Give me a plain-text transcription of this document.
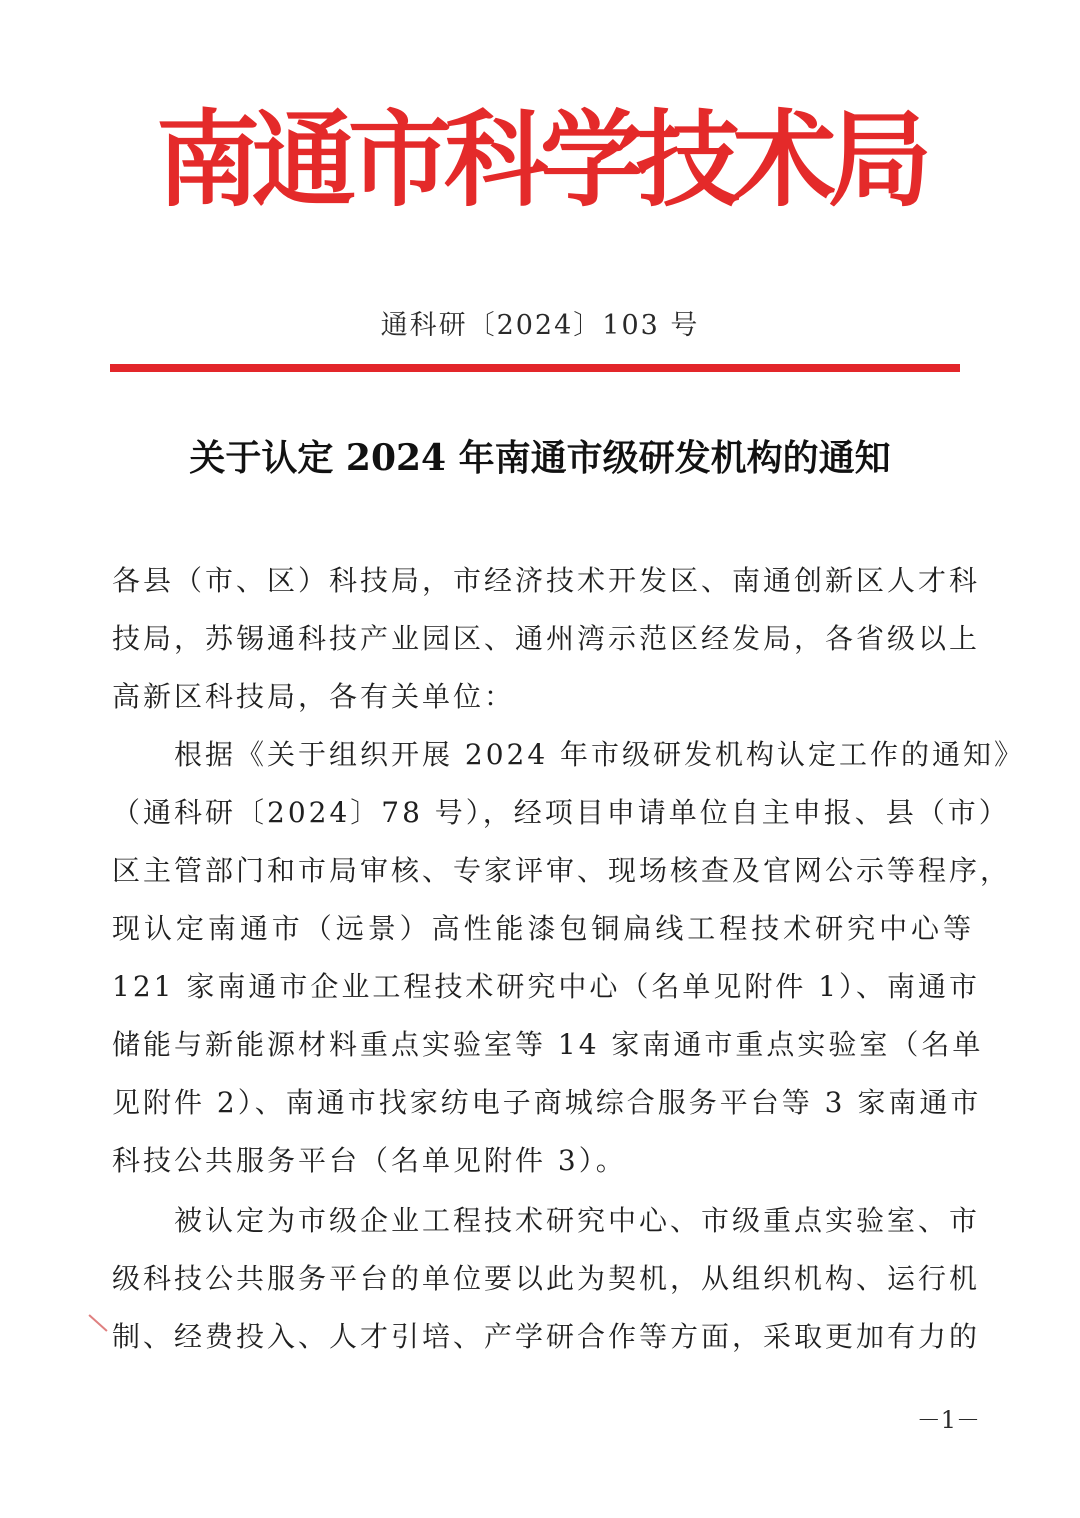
南通市科学技术局
通科研〔2024〕103 号
关于认定 2024 年南通市级研发机构的通知
各县（市、区）科技局，市经济技术开发区、南通创新区人才科
技局，苏锡通科技产业园区、通州湾示范区经发局，各省级以上
高新区科技局，各有关单位：
根据《关于组织开展 2024 年市级研发机构认定工作的通知》
（通科研〔2024〕78 号），经项目申请单位自主申报、县（市）
区主管部门和市局审核、专家评审、现场核查及官网公示等程序，
现认定南通市（远景）高性能漆包铜扁线工程技术研究中心等
121 家南通市企业工程技术研究中心（名单见附件 1）、南通市
储能与新能源材料重点实验室等 14 家南通市重点实验室（名单
见附件 2）、南通市找家纺电子商城综合服务平台等 3 家南通市
科技公共服务平台（名单见附件 3）。
被认定为市级企业工程技术研究中心、市级重点实验室、市
级科技公共服务平台的单位要以此为契机，从组织机构、运行机
制、经费投入、人才引培、产学研合作等方面，采取更加有力的
－1－
